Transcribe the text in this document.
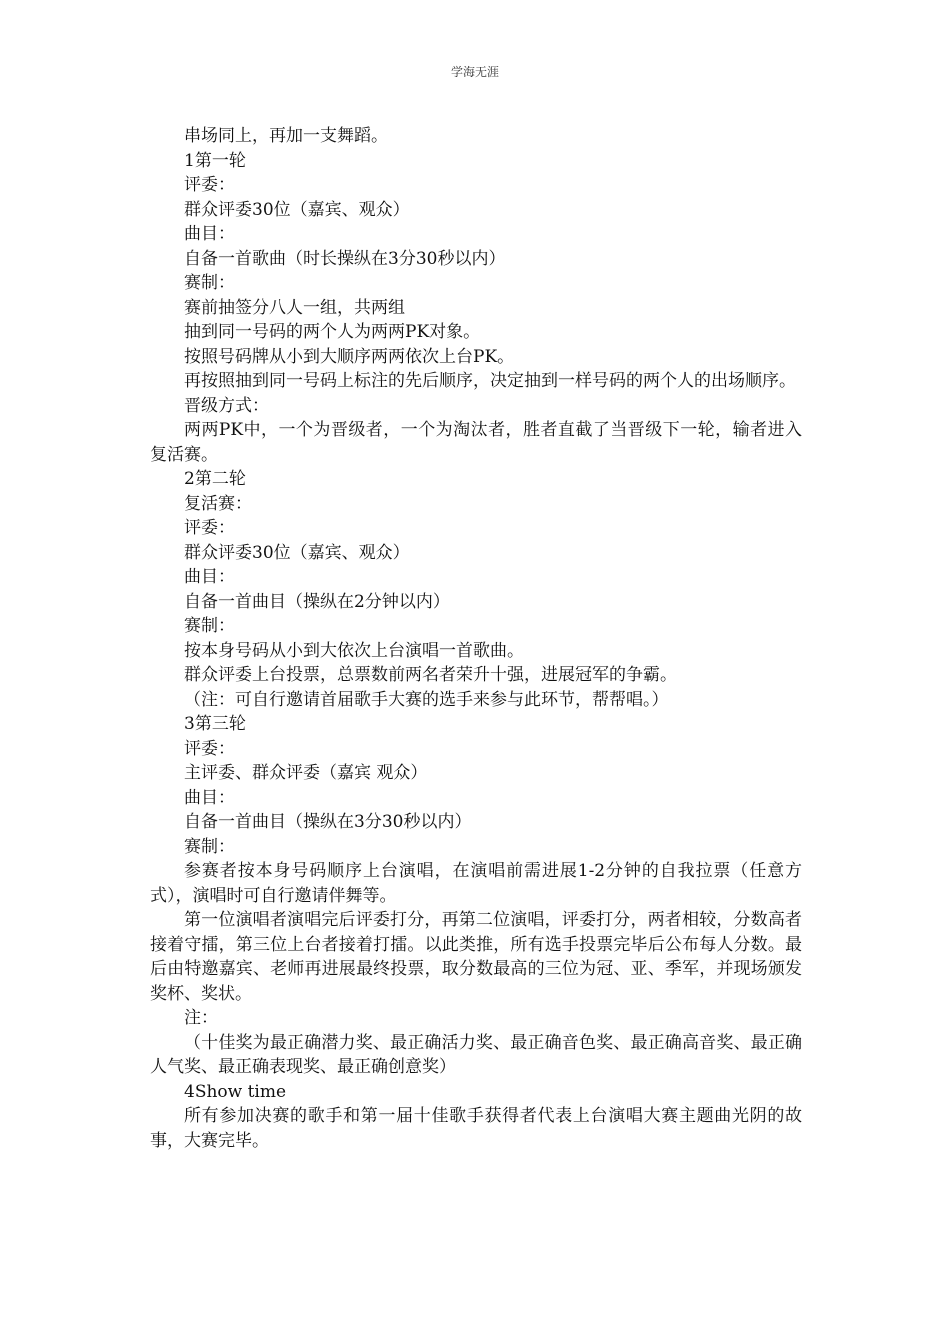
学海无涯

串场同上，再加一支舞蹈。

1第一轮

评委：

群众评委30位（嘉宾、观众）

曲目：

自备一首歌曲（时长操纵在3分30秒以内）

赛制：

赛前抽签分八人一组，共两组

抽到同一号码的两个人为两两PK对象。

按照号码牌从小到大顺序两两依次上台PK。

再按照抽到同一号码上标注的先后顺序，决定抽到一样号码的两个人的出场顺序。

晋级方式：

两两PK中，一个为晋级者，一个为淘汰者，胜者直截了当晋级下一轮，输者进入复活赛。

2第二轮

复活赛：

评委：

群众评委30位（嘉宾、观众）

曲目：

自备一首曲目（操纵在2分钟以内）

赛制：

按本身号码从小到大依次上台演唱一首歌曲。

群众评委上台投票，总票数前两名者荣升十强，进展冠军的争霸。

（注：可自行邀请首届歌手大赛的选手来参与此环节，帮帮唱。）

3第三轮

评委：

主评委、群众评委（嘉宾 观众）

曲目：

自备一首曲目（操纵在3分30秒以内）

赛制：

参赛者按本身号码顺序上台演唱，在演唱前需进展1-2分钟的自我拉票（任意方式），演唱时可自行邀请伴舞等。

第一位演唱者演唱完后评委打分，再第二位演唱，评委打分，两者相较，分数高者接着守擂，第三位上台者接着打擂。以此类推，所有选手投票完毕后公布每人分数。最后由特邀嘉宾、老师再进展最终投票，取分数最高的三位为冠、亚、季军，并现场颁发奖杯、奖状。

注：

（十佳奖为最正确潜力奖、最正确活力奖、最正确音色奖、最正确高音奖、最正确人气奖、最正确表现奖、最正确创意奖）

4Show time

所有参加决赛的歌手和第一届十佳歌手获得者代表上台演唱大赛主题曲光阴的故事，大赛完毕。
